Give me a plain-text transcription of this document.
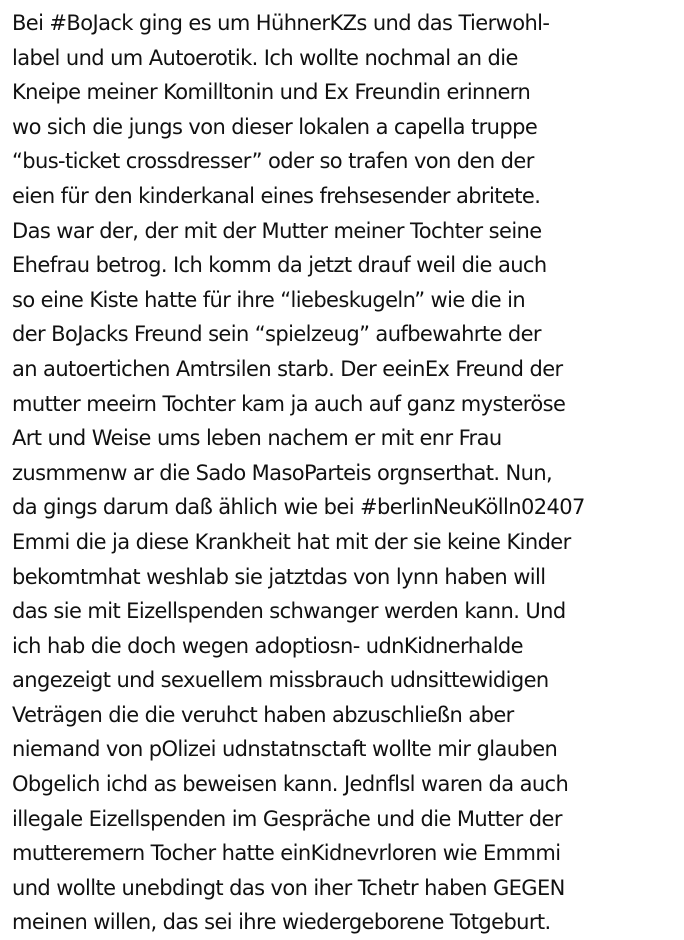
Bei #BoJack ging es um HühnerKZs und das Tierwohl-
label und um Autoerotik. Ich wollte nochmal an die
Kneipe meiner Komilltonin und Ex Freundin erinnern
wo sich die jungs von dieser lokalen a capella truppe
“bus-ticket crossdresser” oder so trafen von den der
eien für den kinderkanal eines frehsesender abritete.
Das war der, der mit der Mutter meiner Tochter seine
Ehefrau betrog. Ich komm da jetzt drauf weil die auch
so eine Kiste hatte für ihre “liebeskugeln” wie die in
der BoJacks Freund sein “spielzeug” aufbewahrte der
an autoertichen Amtrsilen starb. Der eeinEx Freund der
mutter meeirn Tochter kam ja auch auf ganz mysteröse
Art und Weise ums leben nachem er mit enr Frau
zusmmenw ar die Sado MasoParteis orgnserthat. Nun,
da gings darum daß ählich wie bei #berlinNeuKölln02407
Emmi die ja diese Krankheit hat mit der sie keine Kinder
bekomtmhat weshlab sie jatztdas von lynn haben will
das sie mit Eizellspenden schwanger werden kann. Und
ich hab die doch wegen adoptiosn- udnKidnerhalde
angezeigt und sexuellem missbrauch udnsittewidigen
Veträgen die die veruhct haben abzuschließn aber
niemand von pOlizei udnstatnsctaft wollte mir glauben
Obgelich ichd as beweisen kann. Jednflsl waren da auch
illegale Eizellspenden im Gespräche und die Mutter der
mutteremern Tocher hatte einKidnevrloren wie Emmmi
und wollte unebdingt das von iher Tchetr haben GEGEN
meinen willen, das sei ihre wiedergeborene Totgeburt.
